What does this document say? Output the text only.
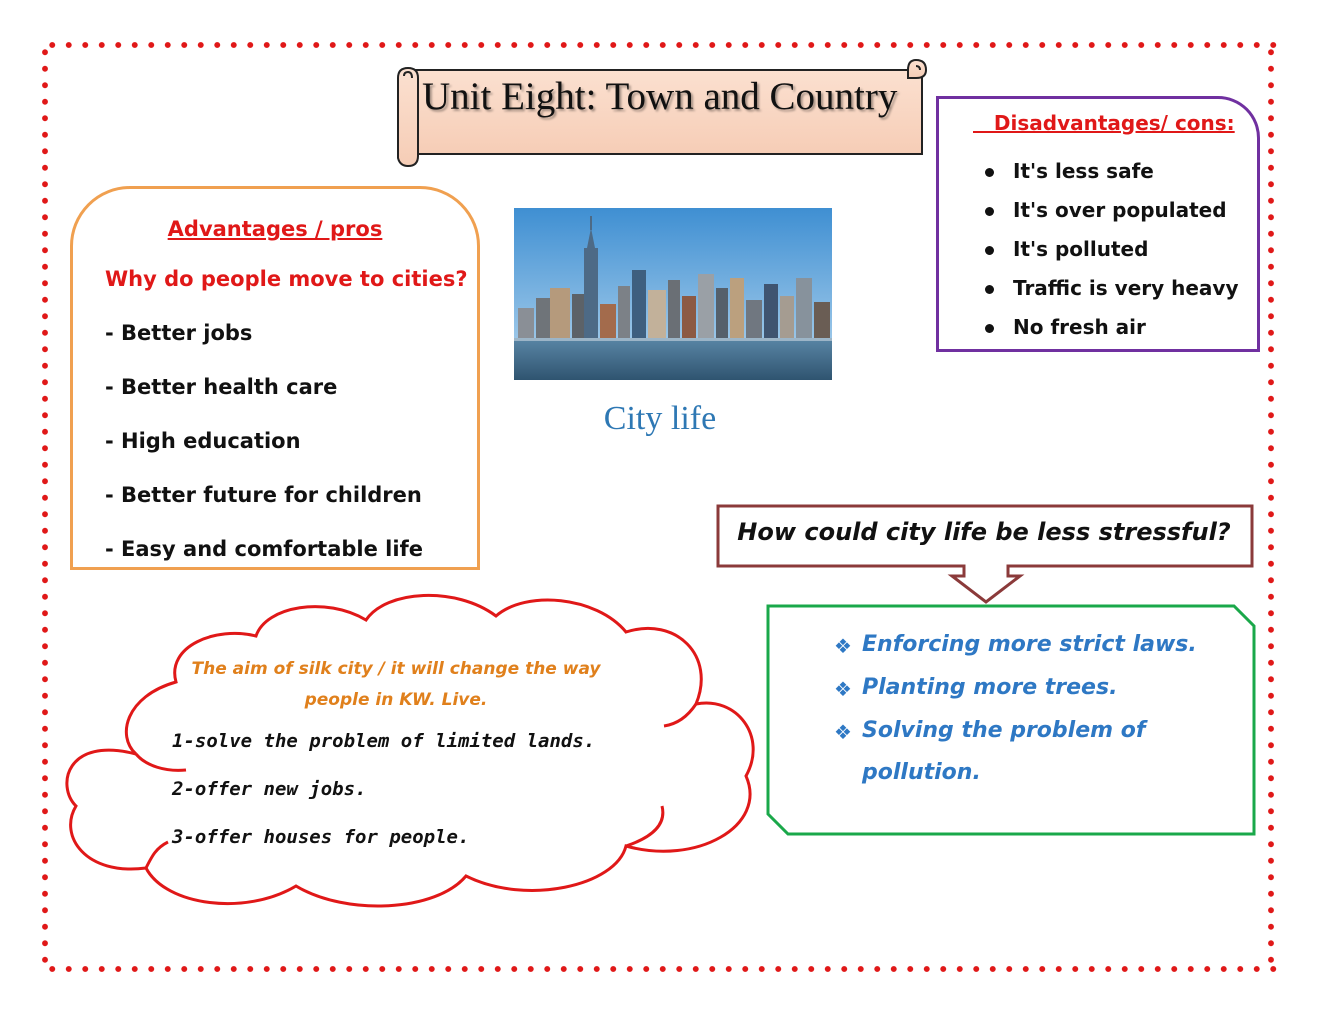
Unit Eight: Town and Country
Advantages / pros
Why do people move to cities?
- Better jobs
- Better health care
- High education
- Better future for children
- Easy and comfortable life
City life
Disadvantages/ cons:
It's less safe
It's over populated
It's polluted
Traffic is very heavy
No fresh air
How could city life be less stressful?
❖ Enforcing more strict laws.
❖ Planting more trees.
❖ Solving the problem of
pollution.
The aim of silk city / it will change the way
people in KW. Live.
1-solve the problem of limited lands.
2-offer new jobs.
3-offer houses for people.
